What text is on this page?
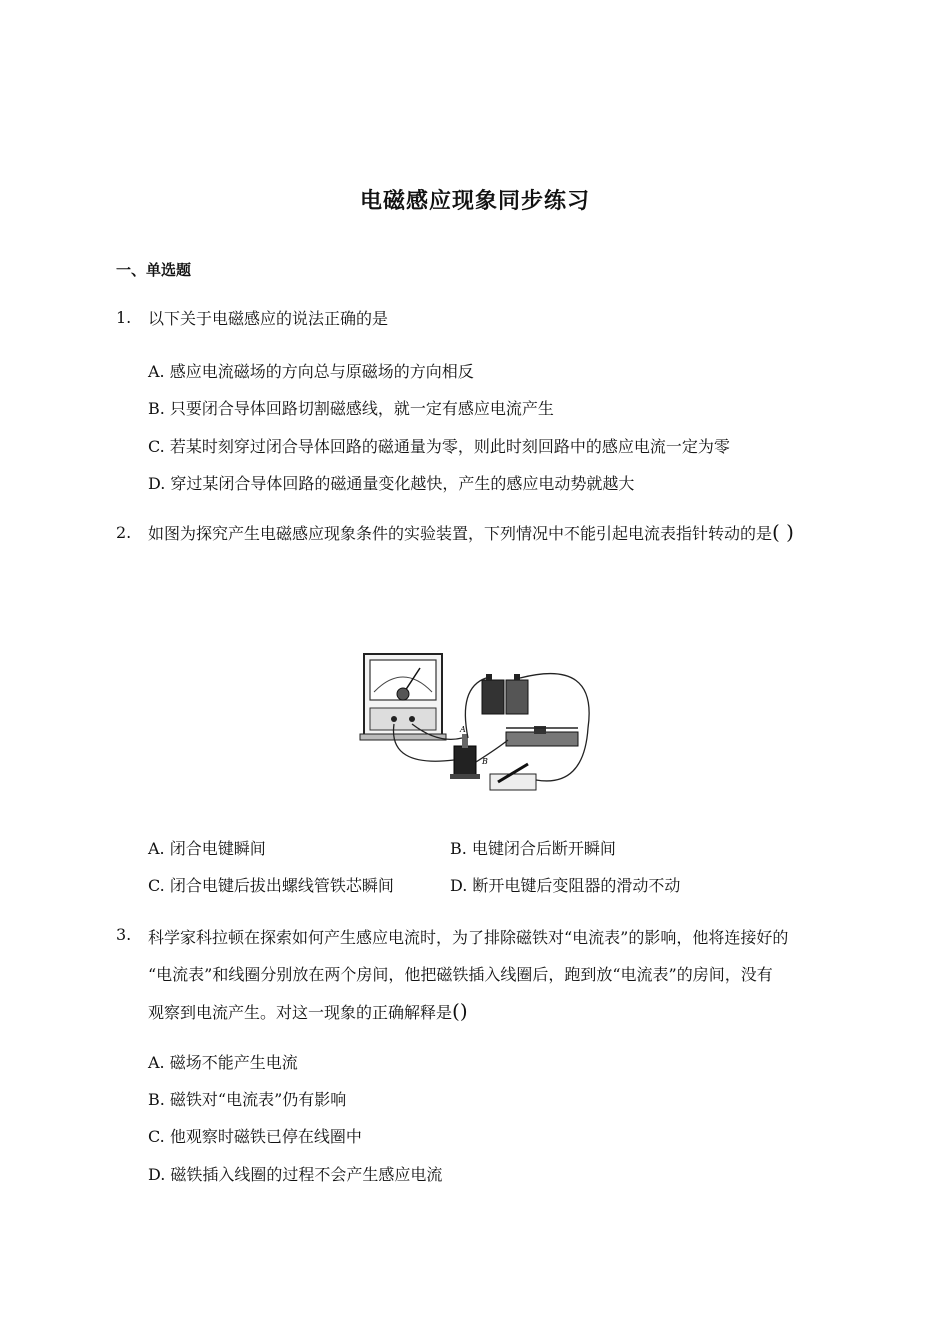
电磁感应现象同步练习
一、单选题
1. 以下关于电磁感应的说法正确的是
A. 感应电流磁场的方向总与原磁场的方向相反
B. 只要闭合导体回路切割磁感线，就一定有感应电流产生
C. 若某时刻穿过闭合导体回路的磁通量为零，则此时刻回路中的感应电流一定为零
D. 穿过某闭合导体回路的磁通量变化越快，产生的感应电动势就越大
2. 如图为探究产生电磁感应现象条件的实验装置，下列情况中不能引起电流表指针转动的是( )
A
B
A. 闭合电键瞬间	B. 电键闭合后断开瞬间
C. 闭合电键后拔出螺线管铁芯瞬间	D. 断开电键后变阻器的滑动不动
3. 科学家科拉顿在探索如何产生感应电流时，为了排除磁铁对“电流表”的影响，他将连接好的
“电流表”和线圈分别放在两个房间，他把磁铁插入线圈后，跑到放“电流表”的房间，没有
观察到电流产生。对这一现象的正确解释是()
A. 磁场不能产生电流
B. 磁铁对“电流表”仍有影响
C. 他观察时磁铁已停在线圈中
D. 磁铁插入线圈的过程不会产生感应电流
